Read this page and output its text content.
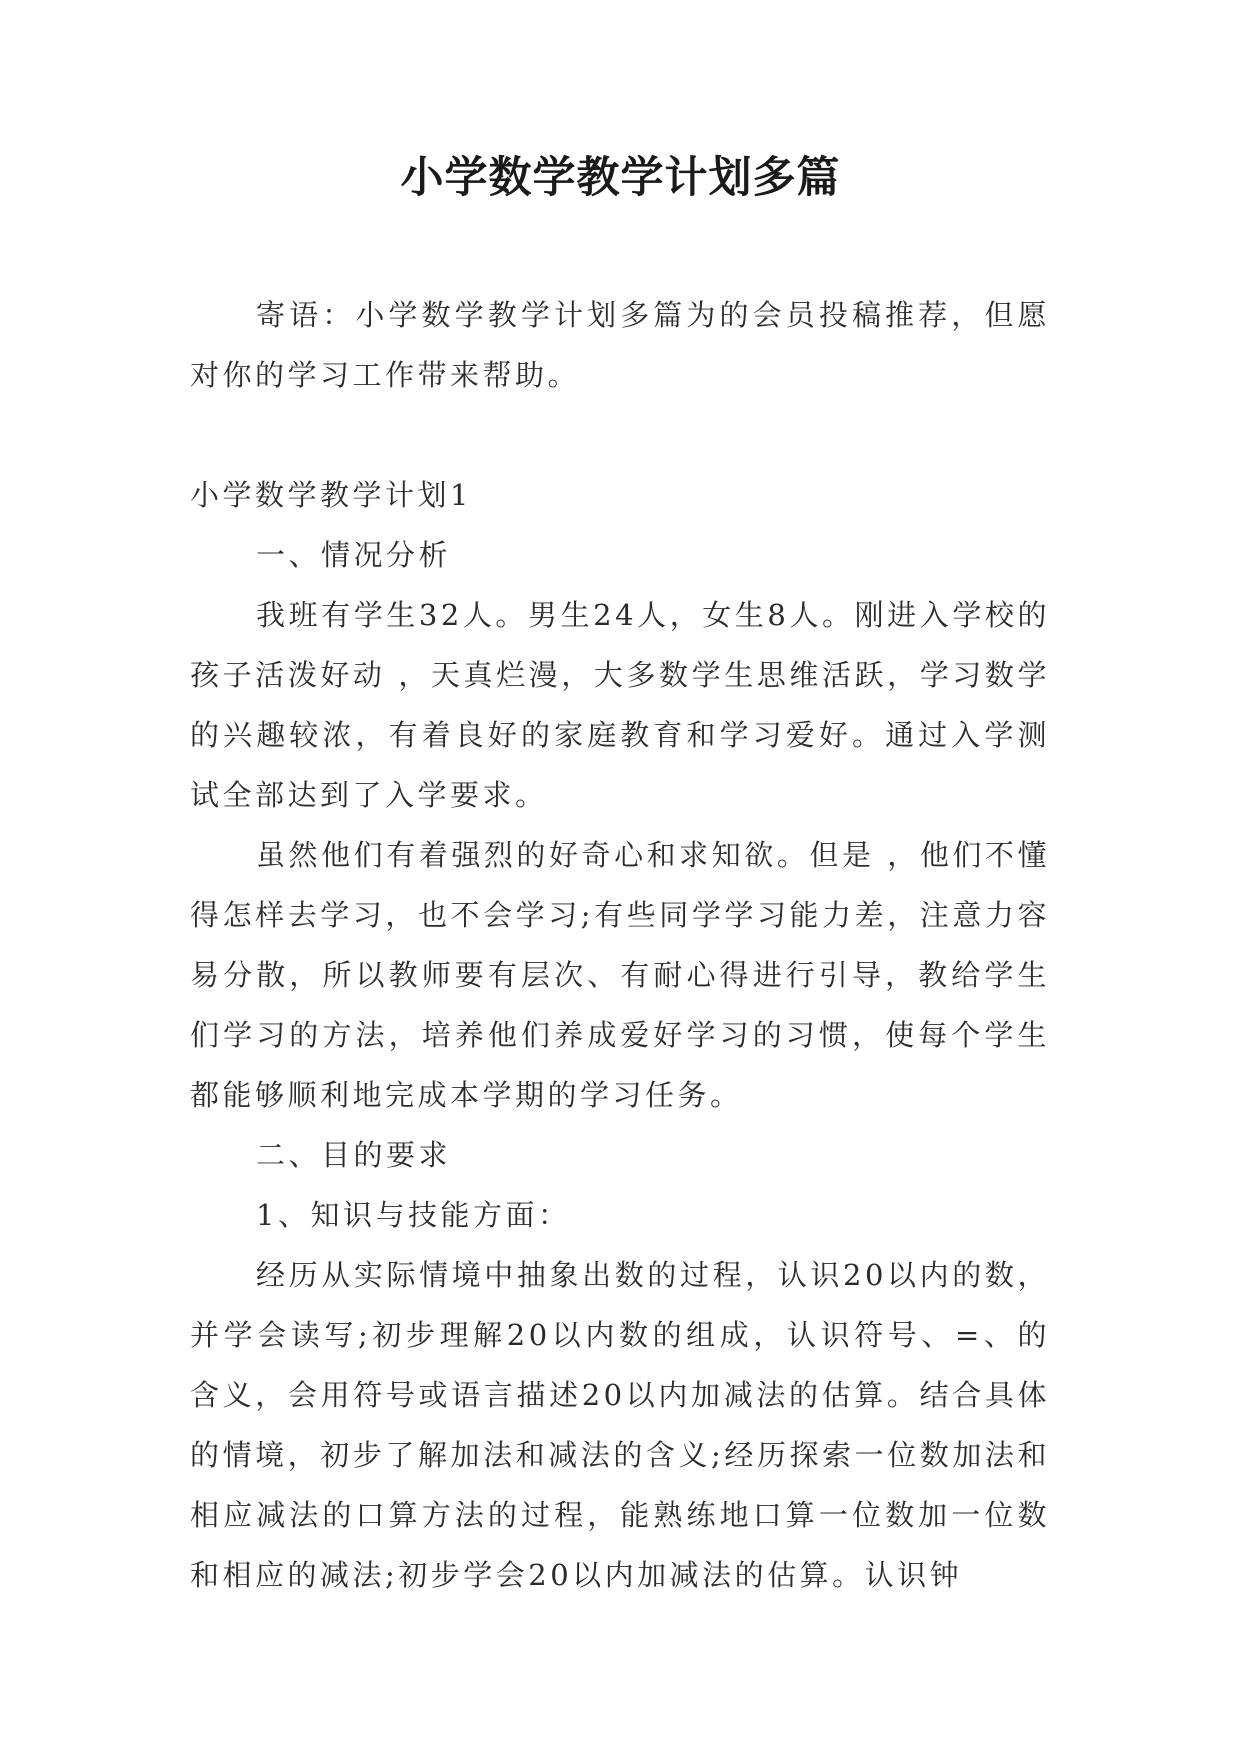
小学数学教学计划多篇

寄语：小学数学教学计划多篇为的会员投稿推荐，但愿对你的学习工作带来帮助。

小学数学教学计划1

一、情况分析

我班有学生32人。男生24人，女生8人。刚进入学校的孩子活泼好动 ，天真烂漫，大多数学生思维活跃，学习数学的兴趣较浓，有着良好的家庭教育和学习爱好。通过入学测试全部达到了入学要求。

虽然他们有着强烈的好奇心和求知欲。但是 ，他们不懂得怎样去学习，也不会学习;有些同学学习能力差，注意力容易分散，所以教师要有层次、有耐心得进行引导，教给学生们学习的方法，培养他们养成爱好学习的习惯，使每个学生都能够顺利地完成本学期的学习任务。

二、目的要求

1、知识与技能方面：

经历从实际情境中抽象出数的过程，认识20以内的数，并学会读写;初步理解20以内数的组成，认识符号、=、的含义，会用符号或语言描述20以内加减法的估算。结合具体的情境，初步了解加法和减法的含义;经历探索一位数加法和相应减法的口算方法的过程，能熟练地口算一位数加一位数和相应的减法;初步学会20以内加减法的估算。认识钟
